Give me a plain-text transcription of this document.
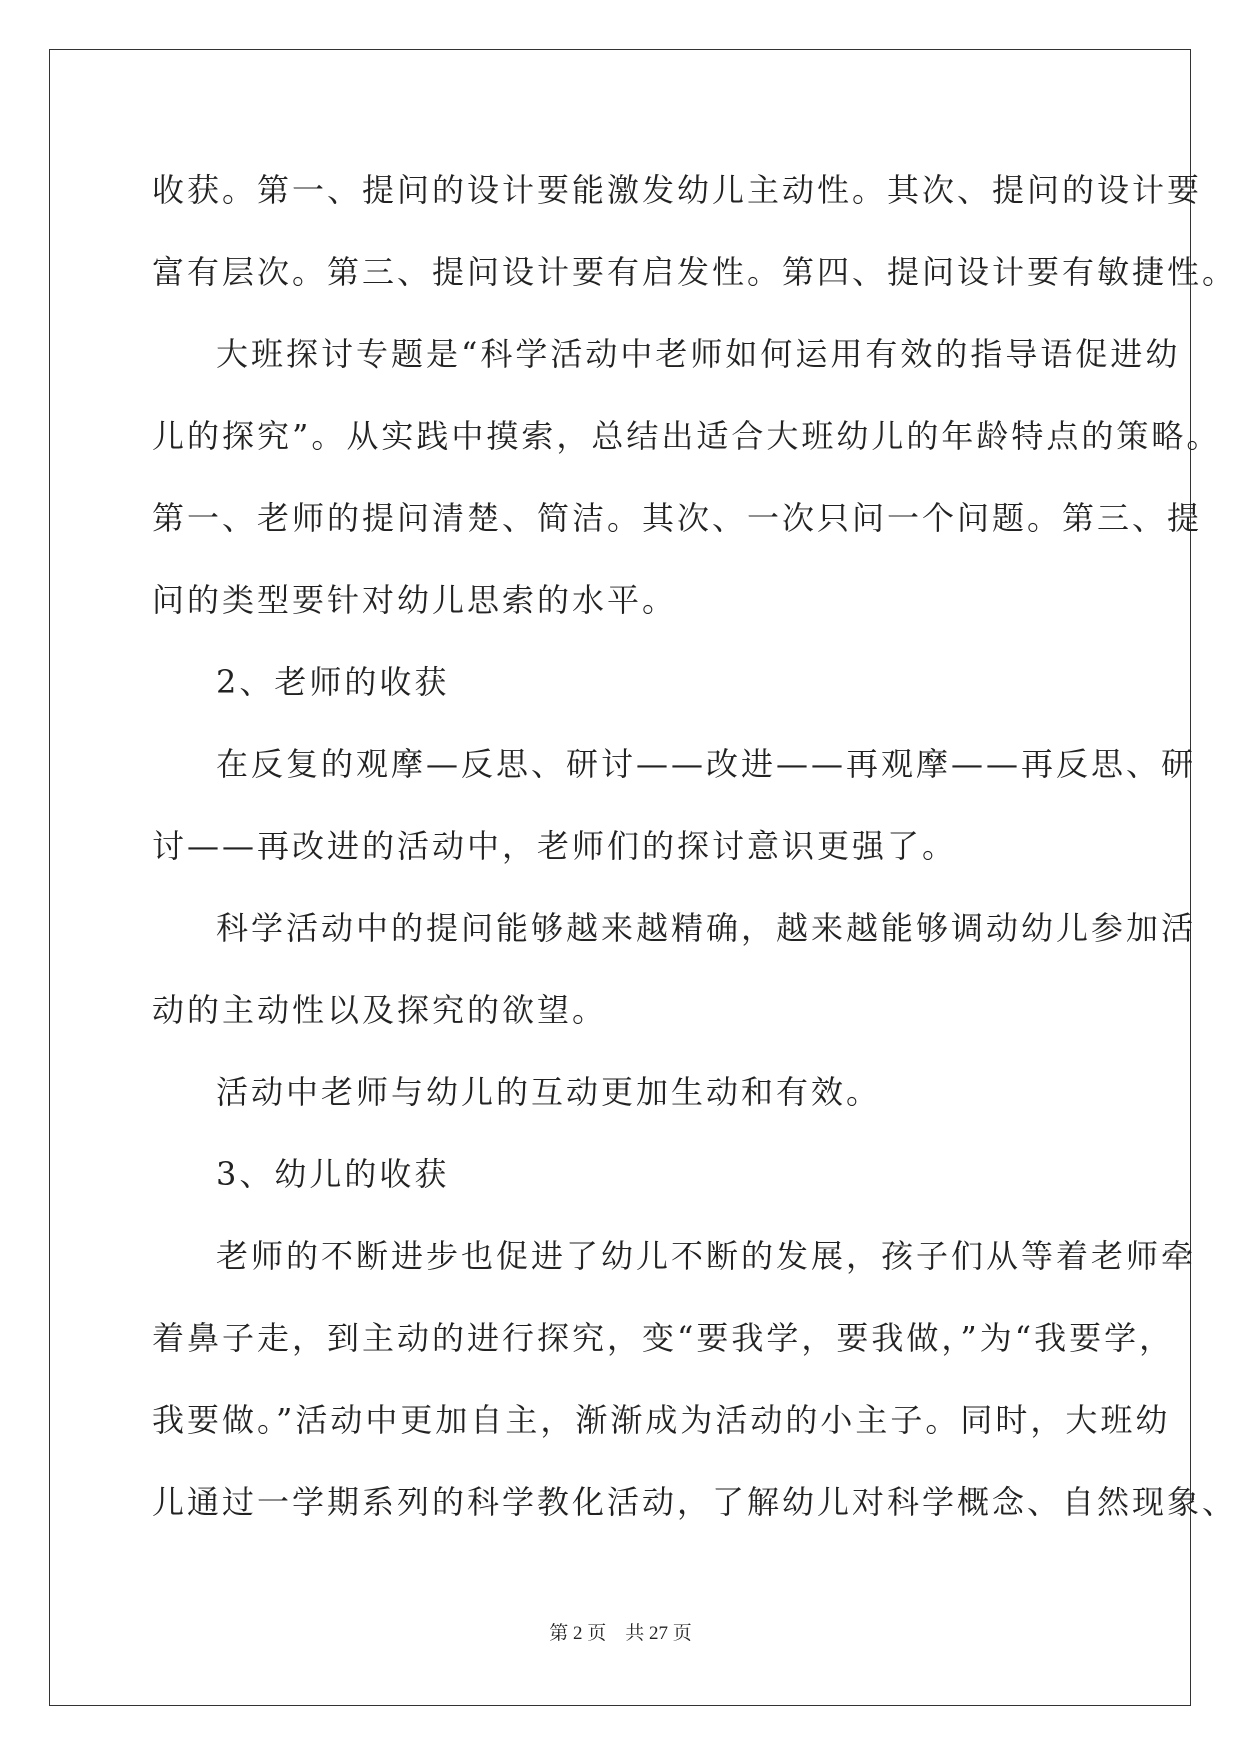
收获。第一、提问的设计要能激发幼儿主动性。其次、提问的设计要
富有层次。第三、提问设计要有启发性。第四、提问设计要有敏捷性。
大班探讨专题是“科学活动中老师如何运用有效的指导语促进幼
儿的探究”。从实践中摸索，总结出适合大班幼儿的年龄特点的策略。
第一、老师的提问清楚、简洁。其次、一次只问一个问题。第三、提
问的类型要针对幼儿思索的水平。
2、老师的收获
在反复的观摩—反思、研讨——改进——再观摩——再反思、研
讨——再改进的活动中，老师们的探讨意识更强了。
科学活动中的提问能够越来越精确，越来越能够调动幼儿参加活
动的主动性以及探究的欲望。
活动中老师与幼儿的互动更加生动和有效。
3、幼儿的收获
老师的不断进步也促进了幼儿不断的发展，孩子们从等着老师牵
着鼻子走，到主动的进行探究，变“要我学，要我做，”为“我要学，
我要做。”活动中更加自主，渐渐成为活动的小主子。同时，大班幼
儿通过一学期系列的科学教化活动，了解幼儿对科学概念、自然现象、
第 2 页　共 27 页
